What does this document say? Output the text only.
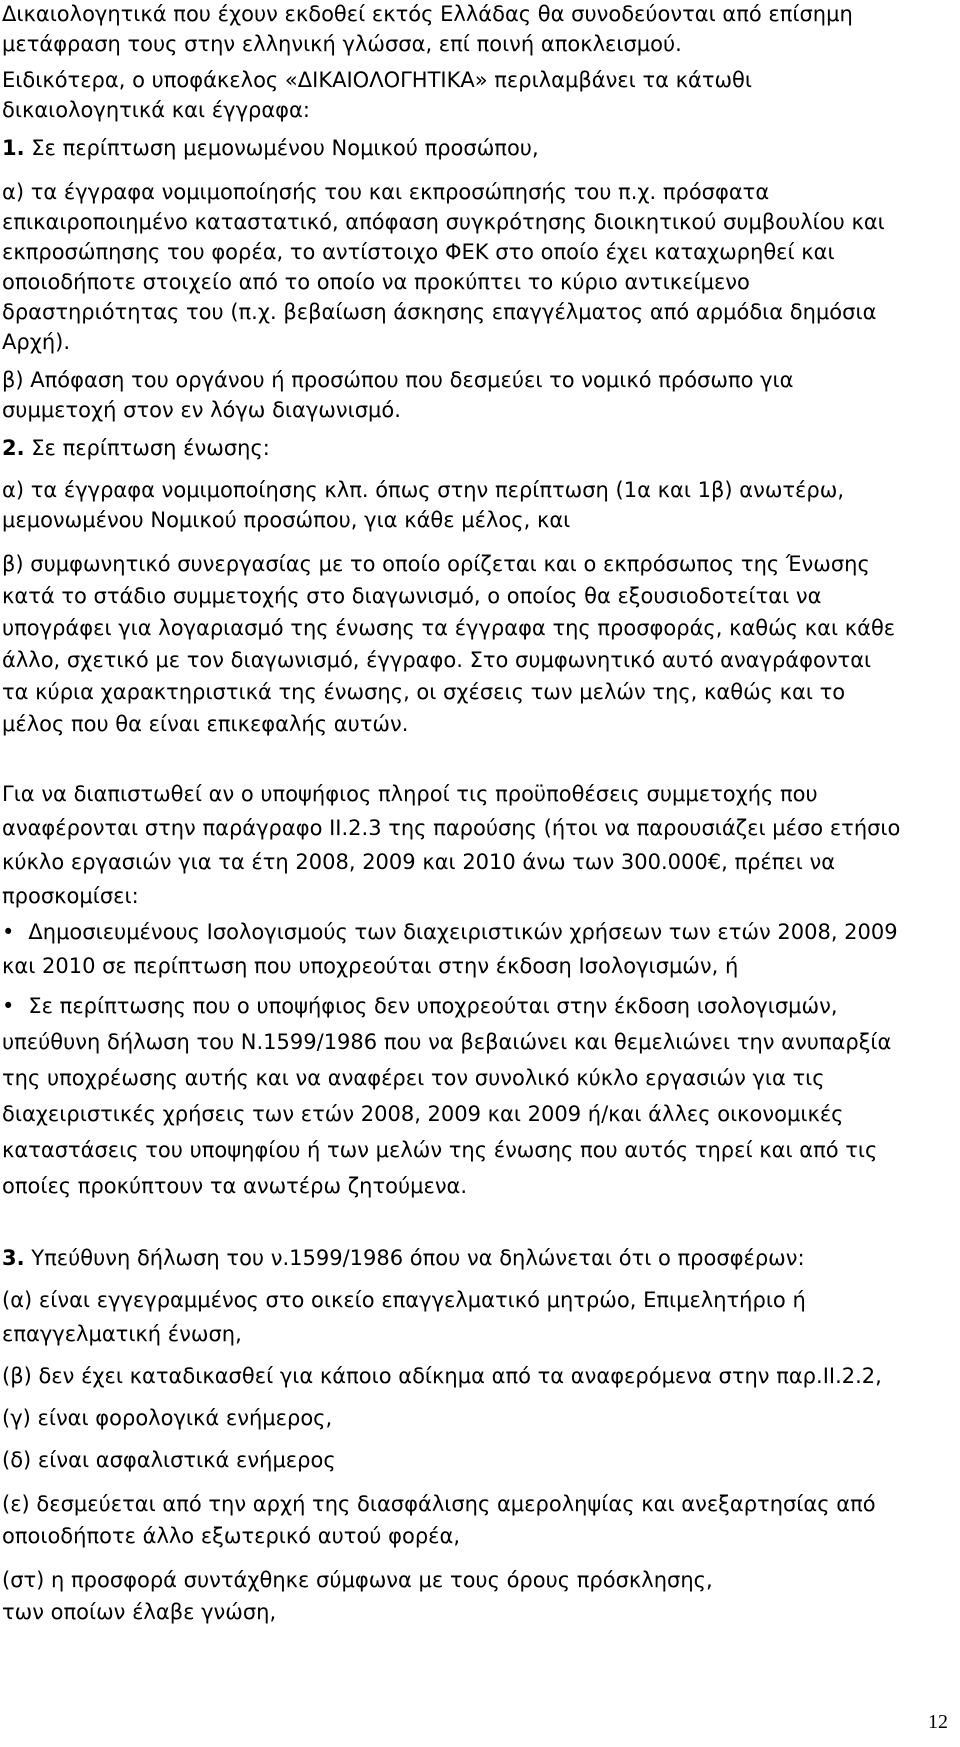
Δικαιολογητικά που έχουν εκδοθεί εκτός Ελλάδας θα συνοδεύονται από επίσημη
μετάφραση τους στην ελληνική γλώσσα, επί ποινή αποκλεισμού.
Ειδικότερα, ο υποφάκελος «ΔΙΚΑΙΟΛΟΓΗΤΙΚΑ» περιλαμβάνει τα κάτωθι
δικαιολογητικά και έγγραφα:
1. Σε περίπτωση μεμονωμένου Νομικού προσώπου,
α) τα έγγραφα νομιμοποίησής του και εκπροσώπησής του π.χ. πρόσφατα
επικαιροποιημένο καταστατικό, απόφαση συγκρότησης διοικητικού συμβουλίου και
εκπροσώπησης του φορέα, το αντίστοιχο ΦΕΚ στο οποίο έχει καταχωρηθεί και
οποιοδήποτε στοιχείο από το οποίο να προκύπτει το κύριο αντικείμενο
δραστηριότητας του (π.χ. βεβαίωση άσκησης επαγγέλματος από αρμόδια δημόσια
Αρχή).
β) Απόφαση του οργάνου ή προσώπου που δεσμεύει το νομικό πρόσωπο για
συμμετοχή στον εν λόγω διαγωνισμό.
2. Σε περίπτωση ένωσης:
α) τα έγγραφα νομιμοποίησης κλπ. όπως στην περίπτωση (1α και 1β) ανωτέρω,
μεμονωμένου Νομικού προσώπου, για κάθε μέλος, και
β) συμφωνητικό συνεργασίας με το οποίο ορίζεται και ο εκπρόσωπος της Ένωσης
κατά το στάδιο συμμετοχής στο διαγωνισμό, ο οποίος θα εξουσιοδοτείται να
υπογράφει για λογαριασμό της ένωσης τα έγγραφα της προσφοράς, καθώς και κάθε
άλλο, σχετικό με τον διαγωνισμό, έγγραφο. Στο συμφωνητικό αυτό αναγράφονται
τα κύρια χαρακτηριστικά της ένωσης, οι σχέσεις των μελών της, καθώς και το
μέλος που θα είναι επικεφαλής αυτών.
Για να διαπιστωθεί αν ο υποψήφιος πληροί τις προϋποθέσεις συμμετοχής που
αναφέρονται στην παράγραφο ΙΙ.2.3 της παρούσης (ήτοι να παρουσιάζει μέσο ετήσιο
κύκλο εργασιών για τα έτη 2008, 2009 και 2010 άνω των 300.000€, πρέπει να
προσκομίσει:
• Δημοσιευμένους Ισολογισμούς των διαχειριστικών χρήσεων των ετών 2008, 2009
και 2010 σε περίπτωση που υποχρεούται στην έκδοση Ισολογισμών, ή
• Σε περίπτωσης που ο υποψήφιος δεν υποχρεούται στην έκδοση ισολογισμών,
υπεύθυνη δήλωση του Ν.1599/1986 που να βεβαιώνει και θεμελιώνει την ανυπαρξία
της υποχρέωσης αυτής και να αναφέρει τον συνολικό κύκλο εργασιών για τις
διαχειριστικές χρήσεις των ετών 2008, 2009 και 2009 ή/και άλλες οικονομικές
καταστάσεις του υποψηφίου ή των μελών της ένωσης που αυτός τηρεί και από τις
οποίες προκύπτουν τα ανωτέρω ζητούμενα.
3. Υπεύθυνη δήλωση του ν.1599/1986 όπου να δηλώνεται ότι ο προσφέρων:
(α) είναι εγγεγραμμένος στο οικείο επαγγελματικό μητρώο, Επιμελητήριο ή
επαγγελματική ένωση,
(β) δεν έχει καταδικασθεί για κάποιο αδίκημα από τα αναφερόμενα στην παρ.ΙΙ.2.2,
(γ) είναι φορολογικά ενήμερος,
(δ) είναι ασφαλιστικά ενήμερος
(ε) δεσμεύεται από την αρχή της διασφάλισης αμεροληψίας και ανεξαρτησίας από
οποιοδήποτε άλλο εξωτερικό αυτού φορέα,
(στ) η προσφορά συντάχθηκε σύμφωνα με τους όρους πρόσκλησης,
των οποίων έλαβε γνώση,
12
